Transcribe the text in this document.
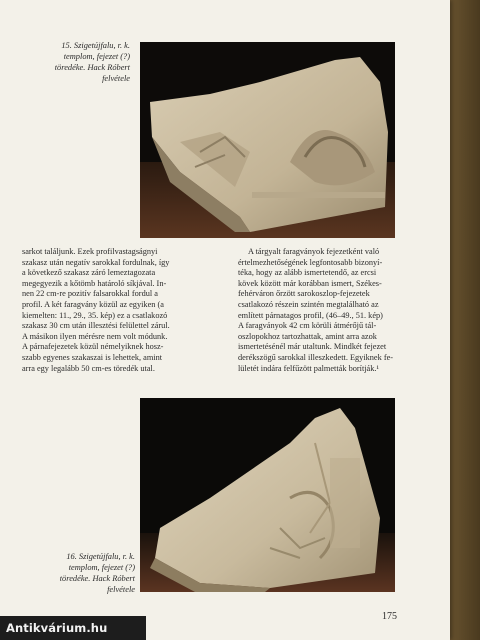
15. Szigetújfalu, r. k.
templom, fejezet (?)
töredéke. Hack Róbert
felvétele
sarkot találjunk. Ezek profilvastagságnyi
szakasz után negatív sarokkal fordulnak, így
a következő szakasz záró lemeztagozata
megegyezik a kőtömb határoló síkjával. In-
nen 22 cm-re pozitív falsarokkal fordul a
profil. A két faragvány közül az egyiken (a
kiemelten: 11., 29., 35. kép) ez a csatlakozó
szakasz 30 cm után illesztési felülettel zárul.
A másikon ilyen mérésre nem volt módunk.
A párnafejezetek közül némelyiknek hosz-
szabb egyenes szakaszai is lehettek, amint
arra egy legalább 50 cm-es töredék utal.
A tárgyalt faragványok fejezetként való
értelmezhetőségének legfontosabb bizonyí-
téka, hogy az alább ismertetendő, az ercsi
kövek között már korábban ismert, Székes-
fehérváron őrzött sarokoszlop-fejezetek
csatlakozó részein szintén megtalálható az
említett párnatagos profil, (46–49., 51. kép)
A faragványok 42 cm körüli átmérőjű tál-
oszlopokhoz tartozhattak, amint arra azok
ismertetésénél már utaltunk. Mindkét fejezet
derékszögű sarokkal illeszkedett. Egyiknek fe-
lületét indára felfűzött palmetták borítják.¹
16. Szigetújfalu, r. k.
templom, fejezet (?)
töredéke. Hack Róbert
felvétele
175
Antikvárium.hu
